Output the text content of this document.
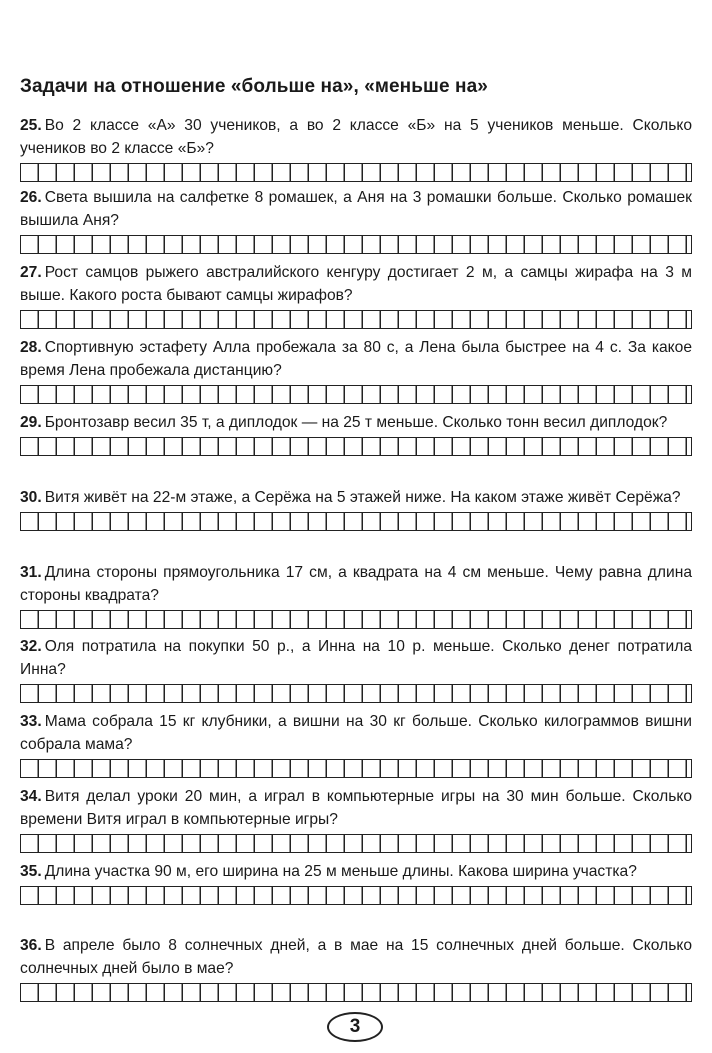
Задачи на отношение «больше на», «меньше на»

25. Во 2 классе «А» 30 учеников, а во 2 классе «Б» на 5 учеников меньше. Сколько учеников во 2 классе «Б»?

26. Света вышила на салфетке 8 ромашек, а Аня на 3 ромашки больше. Сколько ромашек вышила Аня?

27. Рост самцов рыжего австралийского кенгуру достигает 2 м, а самцы жирафа на 3 м выше. Какого роста бывают самцы жирафов?

28. Спортивную эстафету Алла пробежала за 80 с, а Лена была быстрее на 4 с. За какое время Лена пробежала дистанцию?

29. Бронтозавр весил 35 т, а диплодок — на 25 т меньше. Сколько тонн весил диплодок?

30. Витя живёт на 22-м этаже, а Серёжа на 5 этажей ниже. На каком этаже живёт Серёжа?

31. Длина стороны прямоугольника 17 см, а квадрата на 4 см меньше. Чему равна длина стороны квадрата?

32. Оля потратила на покупки 50 р., а Инна на 10 р. меньше. Сколько денег потратила Инна?

33. Мама собрала 15 кг клубники, а вишни на 30 кг больше. Сколько килограммов вишни собрала мама?

34. Витя делал уроки 20 мин, а играл в компьютерные игры на 30 мин больше. Сколько времени Витя играл в компьютерные игры?

35. Длина участка 90 м, его ширина на 25 м меньше длины. Какова ширина участка?

36. В апреле было 8 солнечных дней, а в мае на 15 солнечных дней больше. Сколько солнечных дней было в мае?

3
